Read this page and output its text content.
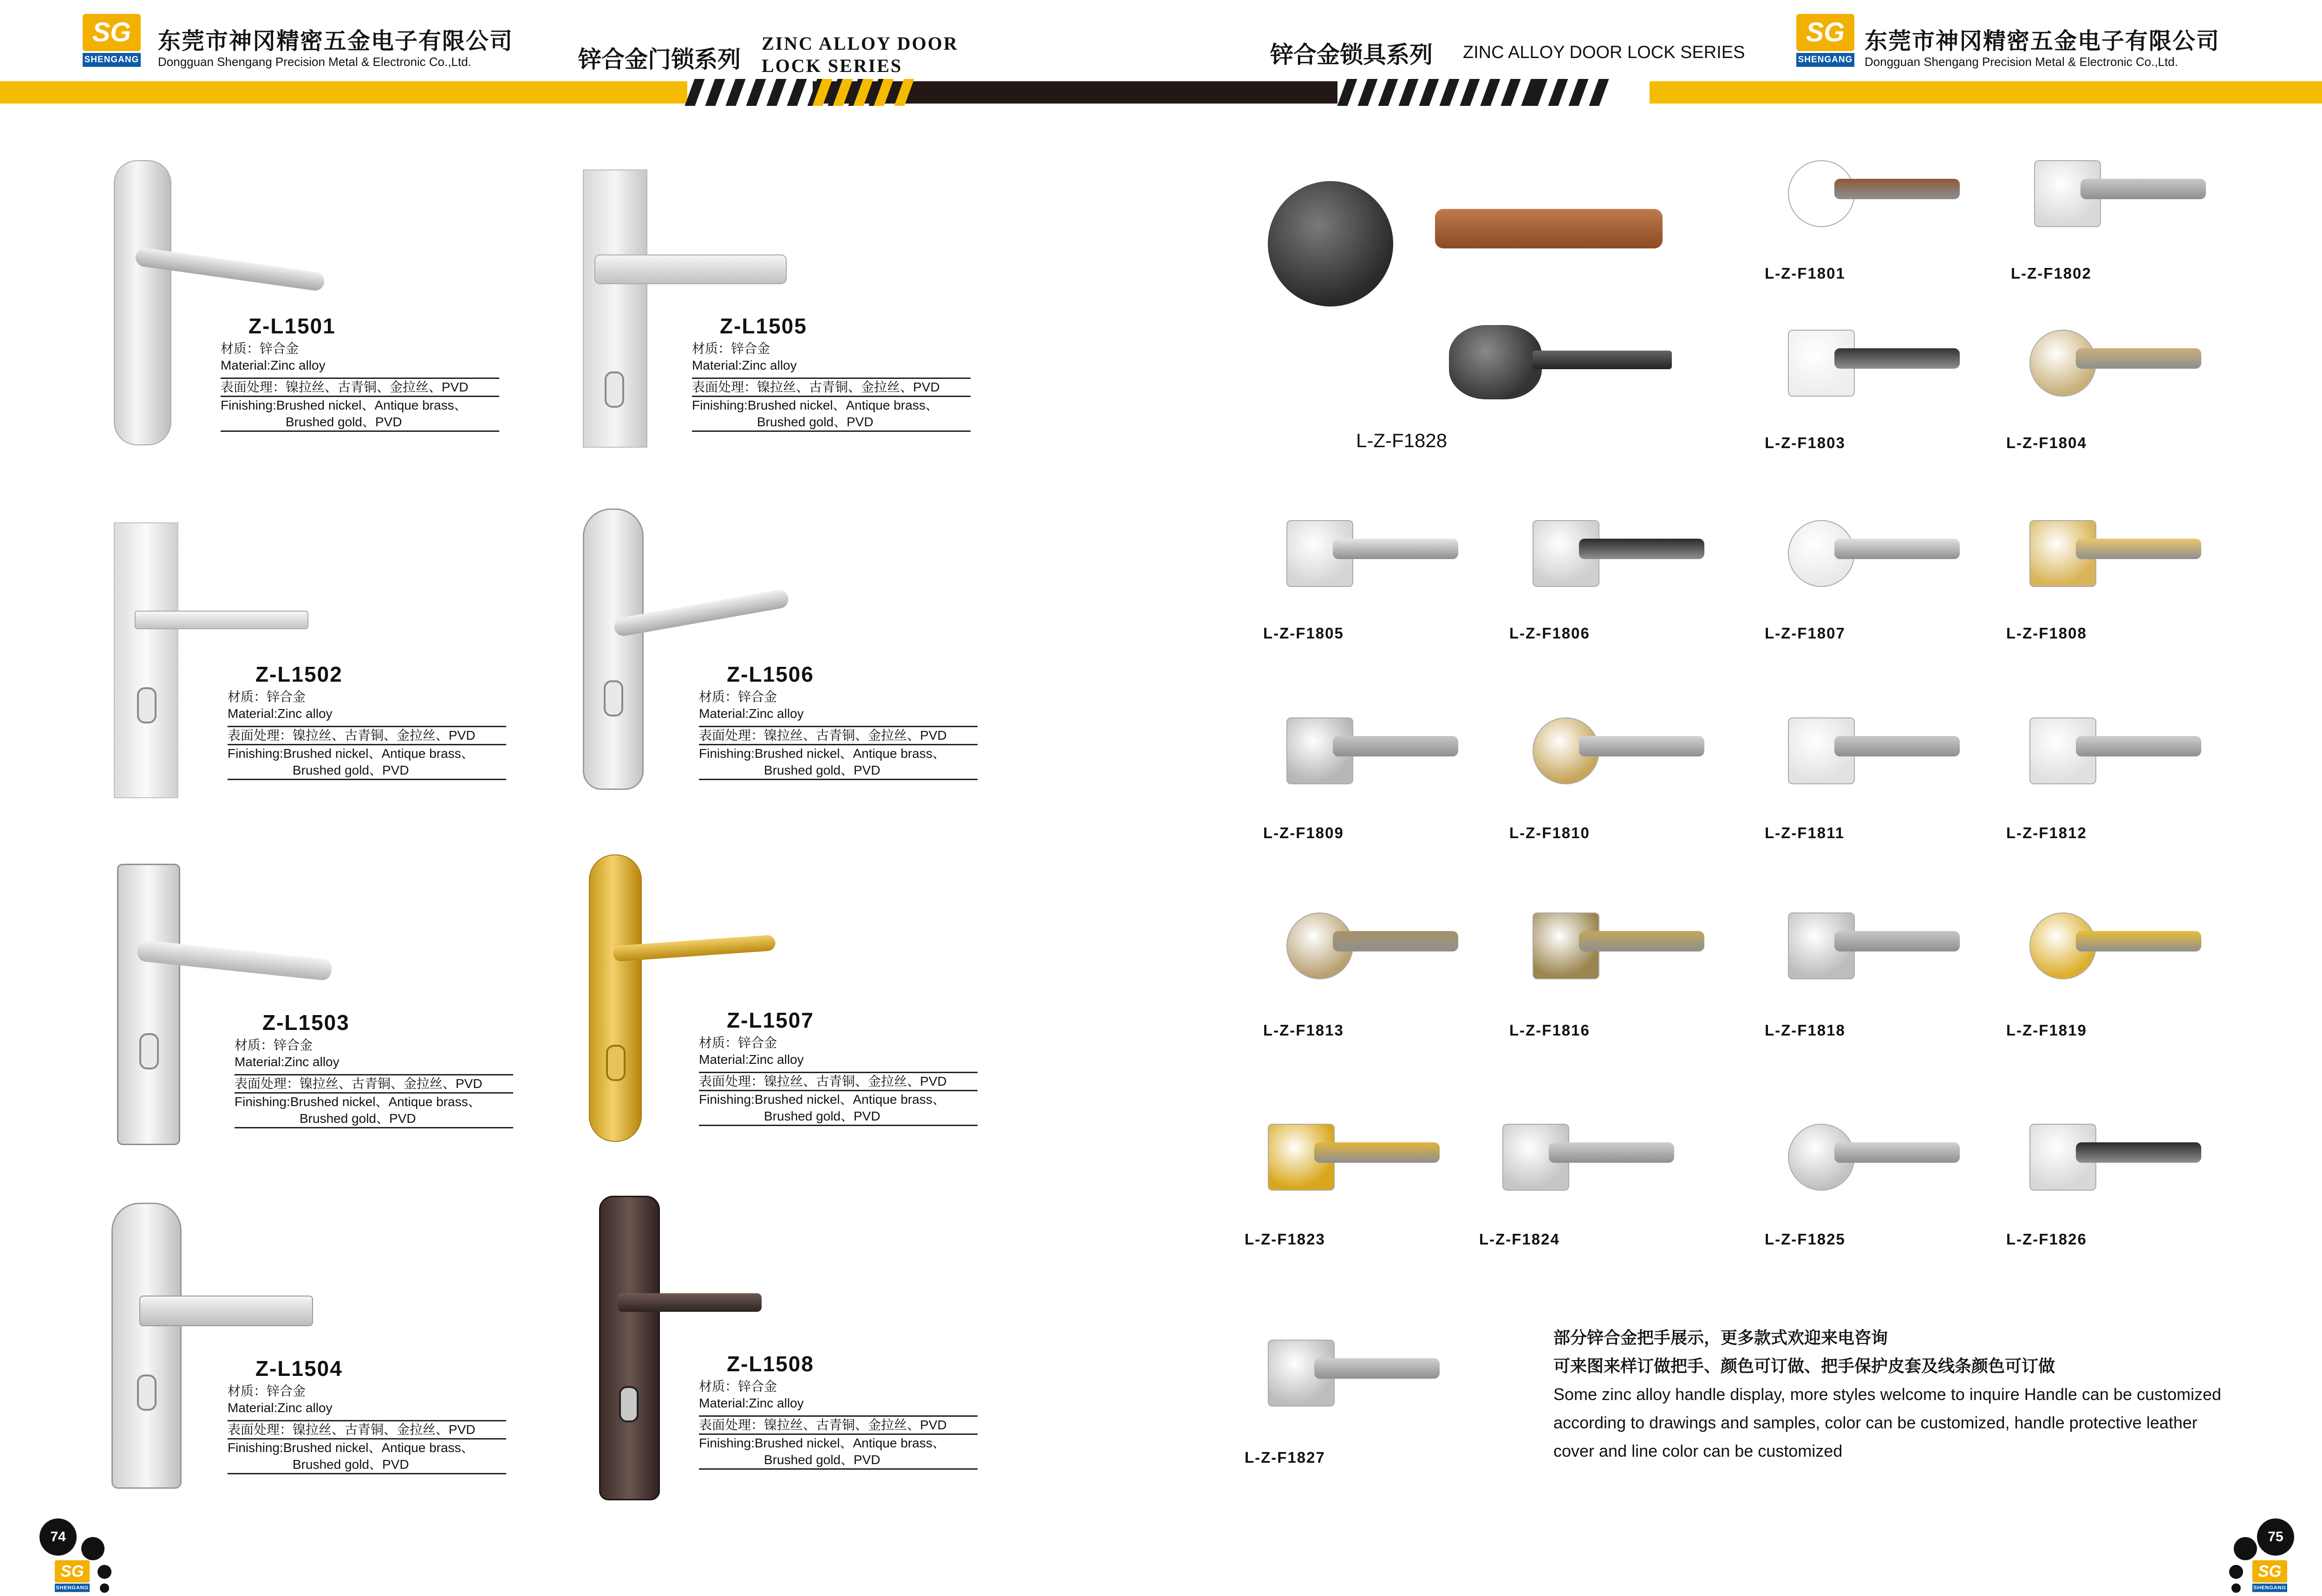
SG
SHENGANG
东莞市神冈精密五金电子有限公司
Dongguan Shengang Precision Metal & Electronic Co.,Ltd.	锌合金门锁系列
ZINC ALLOY DOOR
LOCK SERIES	锌合金锁具系列 ZINC ALLOY DOOR LOCK SERIES
SG
SHENGANG
东莞市神冈精密五金电子有限公司
Dongguan Shengang Precision Metal & Electronic Co.,Ltd.
Z-L1501
材质：锌合金
Material:Zinc alloy
表面处理：镍拉丝、古青铜、金拉丝、PVD
Finishing:Brushed nickel、Antique brass、
Brushed gold、PVD
Z-L1505
材质：锌合金
Material:Zinc alloy
表面处理：镍拉丝、古青铜、金拉丝、PVD
Finishing:Brushed nickel、Antique brass、
Brushed gold、PVD
Z-L1502
材质：锌合金
Material:Zinc alloy
表面处理：镍拉丝、古青铜、金拉丝、PVD
Finishing:Brushed nickel、Antique brass、
Brushed gold、PVD
Z-L1506
材质：锌合金
Material:Zinc alloy
表面处理：镍拉丝、古青铜、金拉丝、PVD
Finishing:Brushed nickel、Antique brass、
Brushed gold、PVD
Z-L1503
材质：锌合金
Material:Zinc alloy
表面处理：镍拉丝、古青铜、金拉丝、PVD
Finishing:Brushed nickel、Antique brass、
Brushed gold、PVD
Z-L1507
材质：锌合金
Material:Zinc alloy
表面处理：镍拉丝、古青铜、金拉丝、PVD
Finishing:Brushed nickel、Antique brass、
Brushed gold、PVD
Z-L1504
材质：锌合金
Material:Zinc alloy
表面处理：镍拉丝、古青铜、金拉丝、PVD
Finishing:Brushed nickel、Antique brass、
Brushed gold、PVD
Z-L1508
材质：锌合金
Material:Zinc alloy
表面处理：镍拉丝、古青铜、金拉丝、PVD
Finishing:Brushed nickel、Antique brass、
Brushed gold、PVD
L-Z-F1828
L-Z-F1801	L-Z-F1802
L-Z-F1803	L-Z-F1804
L-Z-F1805	L-Z-F1806	L-Z-F1807	L-Z-F1808
L-Z-F1809	L-Z-F1810	L-Z-F1811	L-Z-F1812
L-Z-F1813	L-Z-F1816	L-Z-F1818	L-Z-F1819
L-Z-F1823	L-Z-F1824	L-Z-F1825	L-Z-F1826
L-Z-F1827
部分锌合金把手展示，更多款式欢迎来电咨询
可来图来样订做把手、颜色可订做、把手保护皮套及线条颜色可订做
Some zinc alloy handle display, more styles welcome to inquire Handle can be customized
according to drawings and samples, color can be customized, handle protective leather
cover and line color can be customized
74
SG
SHENGANG
75
SG
SHENGANG
